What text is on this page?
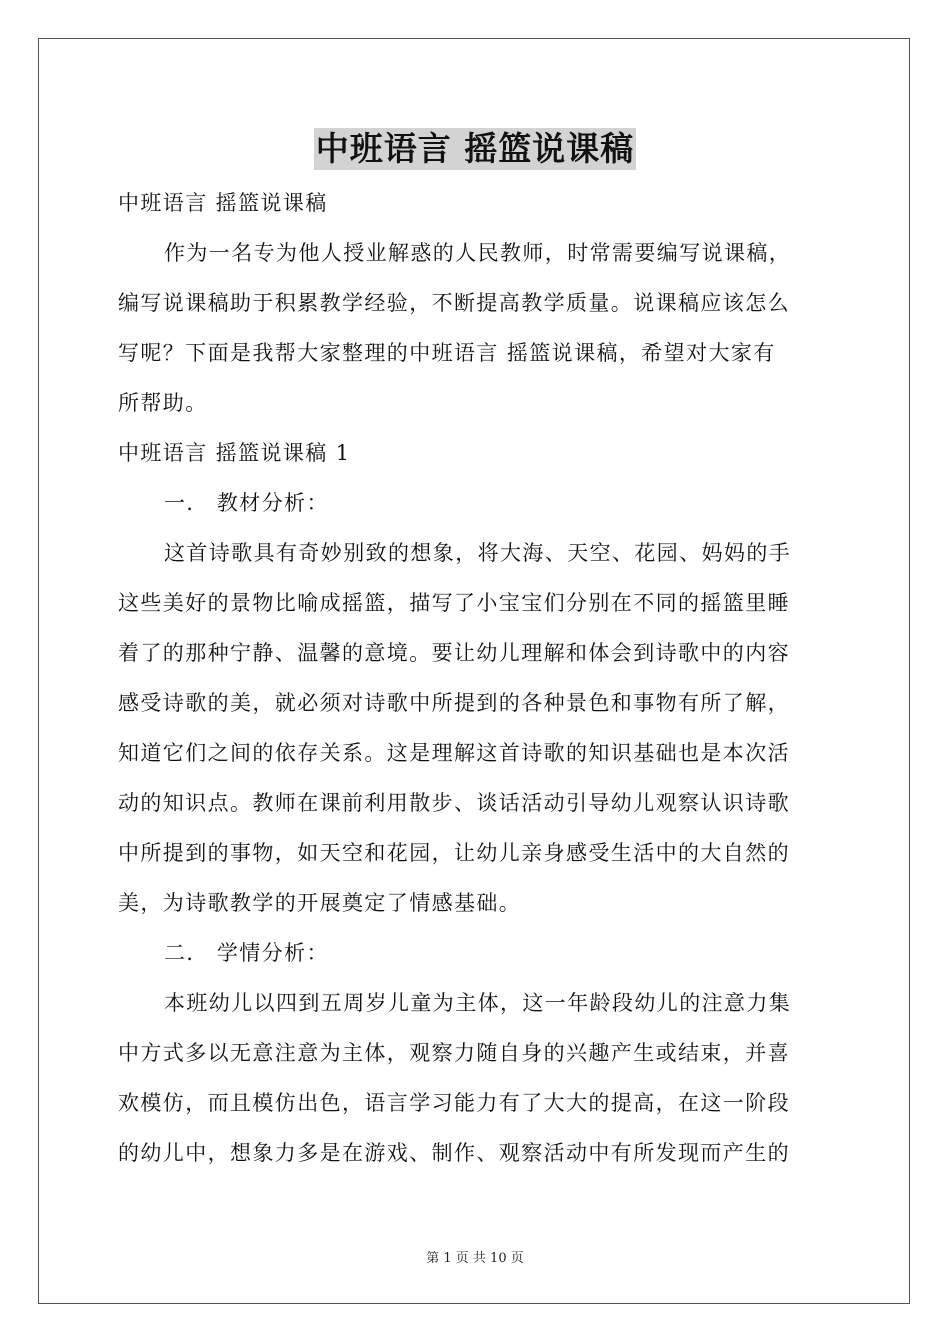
中班语言 摇篮说课稿
中班语言 摇篮说课稿
作为一名专为他人授业解惑的人民教师，时常需要编写说课稿，
编写说课稿助于积累教学经验，不断提高教学质量。说课稿应该怎么
写呢？下面是我帮大家整理的中班语言 摇篮说课稿，希望对大家有
所帮助。
中班语言 摇篮说课稿 1
一． 教材分析：
这首诗歌具有奇妙别致的想象，将大海、天空、花园、妈妈的手
这些美好的景物比喻成摇篮，描写了小宝宝们分别在不同的摇篮里睡
着了的那种宁静、温馨的意境。要让幼儿理解和体会到诗歌中的内容
感受诗歌的美，就必须对诗歌中所提到的各种景色和事物有所了解，
知道它们之间的依存关系。这是理解这首诗歌的知识基础也是本次活
动的知识点。教师在课前利用散步、谈话活动引导幼儿观察认识诗歌
中所提到的事物，如天空和花园，让幼儿亲身感受生活中的大自然的
美，为诗歌教学的开展奠定了情感基础。
二． 学情分析：
本班幼儿以四到五周岁儿童为主体，这一年龄段幼儿的注意力集
中方式多以无意注意为主体，观察力随自身的兴趣产生或结束，并喜
欢模仿，而且模仿出色，语言学习能力有了大大的提高，在这一阶段
的幼儿中，想象力多是在游戏、制作、观察活动中有所发现而产生的
第 1 页 共 10 页
